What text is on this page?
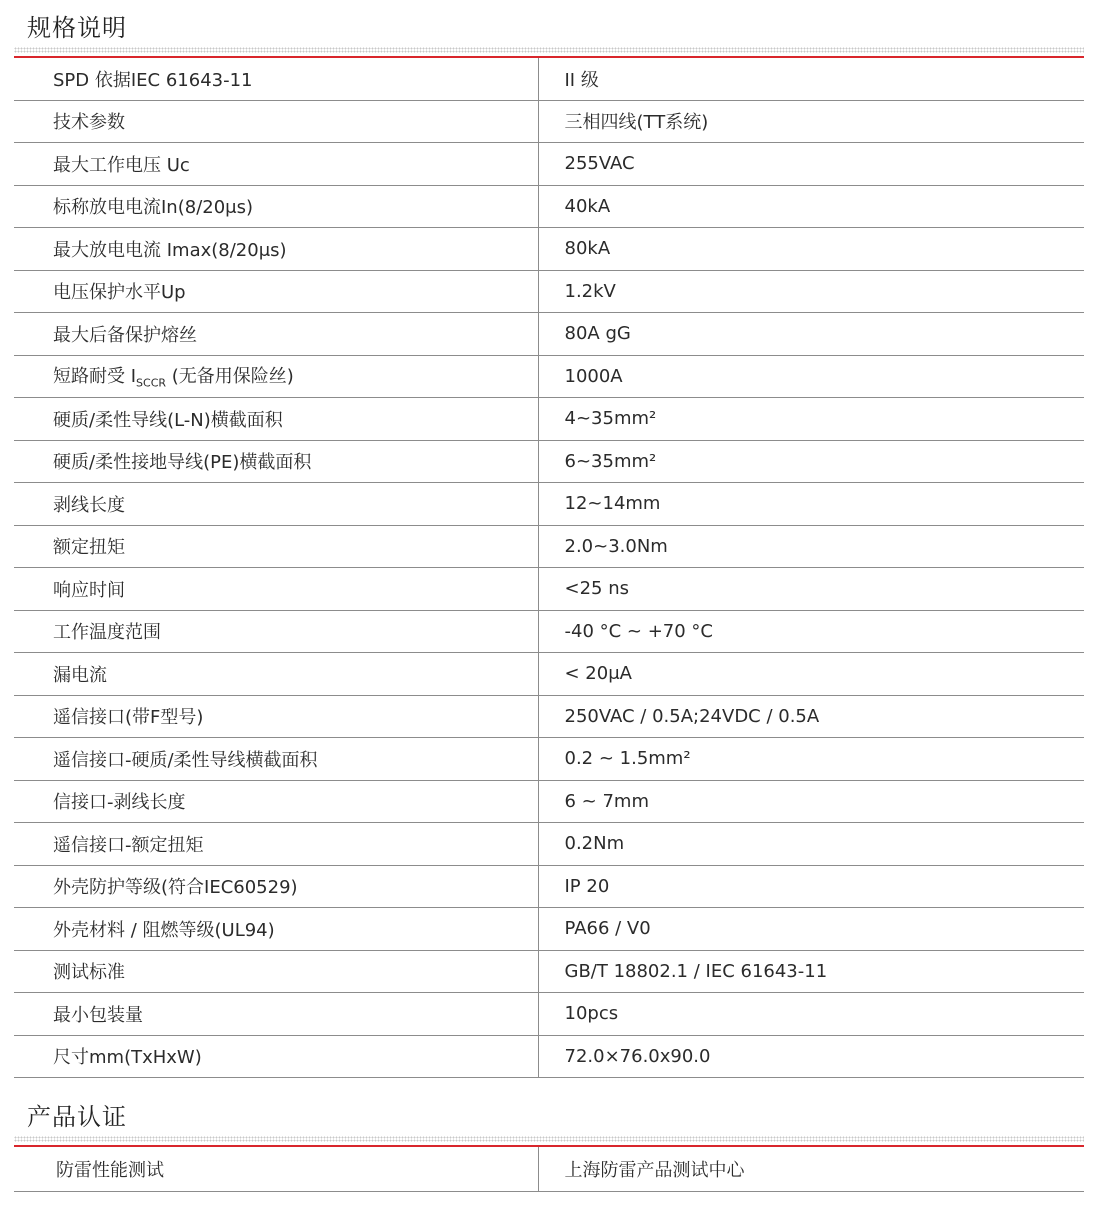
规格说明
SPD 依据IEC 61643-11	II 级
技术参数	三相四线(TT系统)
最大工作电压 Uc	255VAC
标称放电电流In(8/20μs)	40kA
最大放电电流 Imax(8/20μs)	80kA
电压保护水平Up	1.2kV
最大后备保护熔丝	80A gG
短路耐受 $I_{SCCR}$ (无备用保险丝)	1000A
硬质/柔性导线(L-N)横截面积	4~35mm²
硬质/柔性接地导线(PE)横截面积	6~35mm²
剥线长度	12~14mm
额定扭矩	2.0~3.0Nm
响应时间	<25 ns
工作温度范围	-40 °C ~ +70 °C
漏电流	< 20μA
遥信接口(带F型号)	250VAC / 0.5A;24VDC / 0.5A
遥信接口-硬质/柔性导线横截面积	0.2 ~ 1.5mm²
信接口-剥线长度	6 ~ 7mm
遥信接口-额定扭矩	0.2Nm
外壳防护等级(符合IEC60529)	IP 20
外壳材料 / 阻燃等级(UL94)	PA66 / V0
测试标准	GB/T 18802.1 / IEC 61643-11
最小包装量	10pcs
尺寸mm(TxHxW)	72.0×76.0x90.0
产品认证
防雷性能测试	上海防雷产品测试中心
